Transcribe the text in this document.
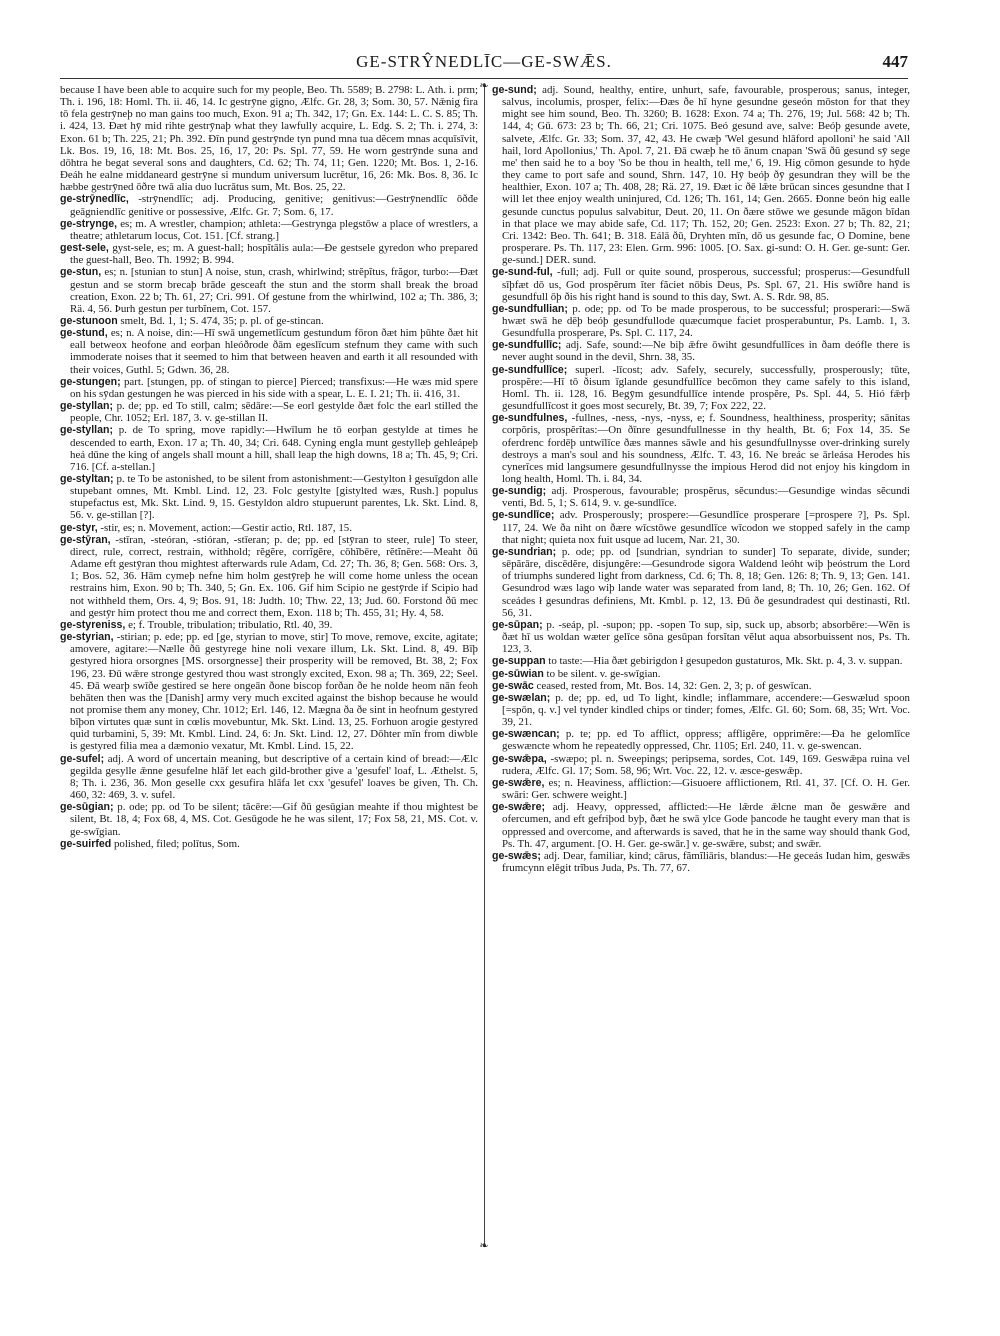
GE-STRŶNEDLĪC—GE-SWǢS.	447

because I have been able to acquire such for my people, Beo. Th. 5589; B. 2798: L. Ath. i. prm; Th. i. 196, 18: Homl. Th. ii. 46, 14. Ic gestrȳne gigno, Ælfc. Gr. 28, 3; Som. 30, 57. Nǣnig fira tō fela gestrȳneþ no man gains too much, Exon. 91 a; Th. 342, 17; Gn. Ex. 144: L. C. S. 85; Th. i. 424, 13. Ðæt hȳ mid rihte gestrȳnaþ what they lawfully acquire, L. Edg. S. 2; Th. i. 274, 3: Exon. 61 b; Th. 225, 21; Ph. 392. Ðīn pund gestrȳnde tyn pund mna tua dĕcem mnas acquīsīvit, Lk. Bos. 19, 16, 18: Mt. Bos. 25, 16, 17, 20: Ps. Spl. 77, 59. He worn gestrȳnde suna and dōhtra he begat several sons and daughters, Cd. 62; Th. 74, 11; Gen. 1220; Mt. Bos. 1, 2-16. Ðeáh he ealne middaneard gestrȳne si mundum universum lucrētur, 16, 26: Mk. Bos. 8, 36. Ic hæbbe gestrȳned ōðre twā alia duo lucrātus sum, Mt. Bos. 25, 22.

ge-strȳnedlīc, -strȳnendlīc; adj. Producing, genitive; genitivus:—Gestrȳnendlīc ōðđe geāgniendlīc genitive or possessive, Ælfc. Gr. 7; Som. 6, 17.

ge-strynge, es; m. A wrestler, champion; athleta:—Gestrynga plegstōw a place of wrestlers, a theatre; athletarum locus, Cot. 151. [Cf. strang.]

gest-sele, gyst-sele, es; m. A guest-hall; hospĭtālis aula:—Ðe gestsele gyredon who prepared the guest-hall, Beo. Th. 1992; B. 994.

ge-stun, es; n. [stunian to stun] A noise, stun, crash, whirlwind; strĕpĭtus, frăgor, turbo:—Ðæt gestun and se storm brecaþ brāde gesceaft the stun and the storm shall break the broad creation, Exon. 22 b; Th. 61, 27; Cri. 991. Of gestune from the whirlwind, 102 a; Th. 386, 3; Rä. 4, 56. Þurh gestun per turbĭnem, Cot. 157.

ge-stunoon smelt, Bd. 1, 1; S. 474, 35; p. pl. of ge-stincan.

ge-stund, es; n. A noise, din:—Hī swā ungemetlīcum gestundum fōron ðæt him þūhte ðæt hit eall betweox heofone and eorþan hleóðrode ðām egeslīcum stefnum they came with such immoderate noises that it seemed to him that between heaven and earth it all resounded with their voices, Guthl. 5; Gdwn. 36, 28.

ge-stungen; part. [stungen, pp. of stingan to pierce] Pierced; transfixus:—He wæs mid spere on his sȳdan gestungen he was pierced in his side with a spear, L. E. I. 21; Th. ii. 416, 31.

ge-styllan; p. de; pp. ed To still, calm; sēdāre:—Se eorl gestylde ðæt folc the earl stilled the people, Chr. 1052; Erl. 187, 3. v. ge-stillan II.

ge-styllan; p. de To spring, move rapidly:—Hwīlum he tō eorþan gestylde at times he descended to earth, Exon. 17 a; Th. 40, 34; Cri. 648. Cyning engla munt gestylleþ gehleápeþ heá dūne the king of angels shall mount a hill, shall leap the high downs, 18 a; Th. 45, 9; Cri. 716. [Cf. a-stellan.]

ge-styltan; p. te To be astonished, to be silent from astonishment:—Gestylton ł gesuīgdon alle stupebant omnes, Mt. Kmbl. Lind. 12, 23. Folc gestylte [gistylted wæs, Rush.] populus stupefactus est, Mk. Skt. Lind. 9, 15. Gestyldon aldro stupuerunt parentes, Lk. Skt. Lind. 8, 56. v. ge-stillan [?].

ge-styr, -stir, es; n. Movement, action:—Gestir actio, Rtl. 187, 15.

ge-stȳran, -stīran, -steóran, -stióran, -stīeran; p. de; pp. ed [stȳran to steer, rule] To steer, direct, rule, correct, restrain, withhold; rĕgĕre, corrĭgĕre, cōhĭbēre, rĕtĭnēre:—Meaht ðū Adame eft gestȳran thou mightest afterwards rule Adam, Cd. 27; Th. 36, 8; Gen. 568: Ors. 3, 1; Bos. 52, 36. Hām cymeþ nefne him holm gestȳreþ he will come home unless the ocean restrains him, Exon. 90 b; Th. 340, 5; Gn. Ex. 106. Gif him Scipio ne gestȳrde if Scipio had not withheld them, Ors. 4, 9; Bos. 91, 18: Judth. 10; Thw. 22, 13; Jud. 60. Forstond ðū mec and gestȳr him protect thou me and correct them, Exon. 118 b; Th. 455, 31; Hy. 4, 58.

ge-styreniss, e; f. Trouble, tribulation; tribulatio, Rtl. 40, 39.

ge-styrian, -stirian; p. ede; pp. ed [ge, styrian to move, stir] To move, remove, excite, agitate; amovere, agitare:—Nælle ðū gestyrege hine noli vexare illum, Lk. Skt. Lind. 8, 49. Bīþ gestyred hiora orsorgnes [MS. orsorgnesse] their prosperity will be removed, Bt. 38, 2; Fox 196, 23. Ðū wǣre stronge gestyred thou wast strongly excited, Exon. 98 a; Th. 369, 22; Seel. 45. Ðā wearþ swīðe gestired se here ongeān ðone biscop forðan ðe he nolde heom nān feoh behāten then was the [Danish] army very much excited against the bishop because he would not promise them any money, Chr. 1012; Erl. 146, 12. Mægna ða ðe sint in heofnum gestyred bīþon virtutes quæ sunt in cœlis movebuntur, Mk. Skt. Lind. 13, 25. Forhuon arogie gestyred quid turbamini, 5, 39: Mt. Kmbl. Lind. 24, 6: Jn. Skt. Lind. 12, 27. Dōhter mīn from diwble is gestyred filia mea a dæmonio vexatur, Mt. Kmbl. Lind. 15, 22.

ge-sufel; adj. A word of uncertain meaning, but descriptive of a certain kind of bread:—Ælc gegilda gesylle ǣnne gesufelne hlāf let each gild-brother give a 'gesufel' loaf, L. Æthelst. 5, 8; Th. i. 236, 36. Mon geselle cxx gesufira hlāfa let cxx 'gesufel' loaves be given, Th. Ch. 460, 32: 469, 3. v. sufel.

ge-sūgian; p. ode; pp. od To be silent; tăcēre:—Gif ðū gesūgian meahte if thou mightest be silent, Bt. 18, 4; Fox 68, 4, MS. Cot. Gesūgode he he was silent, 17; Fox 58, 21, MS. Cot. v. ge-swīgian.

ge-suirfed polished, filed; polītus, Som.

❧
❧

ge-sund; adj. Sound, healthy, entire, unhurt, safe, favourable, prosperous; sanus, integer, salvus, incolumis, prosper, felix:—Ðæs ðe hī hyne gesundne geseón mōston for that they might see him sound, Beo. Th. 3260; B. 1628: Exon. 74 a; Th. 276, 19; Jul. 568: 42 b; Th. 144, 4; Gū. 673: 23 b; Th. 66, 21; Cri. 1075. Beó gesund ave, salve: Beóþ gesunde avete, salvete, Ælfc. Gr. 33; Som. 37, 42, 43. He cwæþ 'Wel gesund hlāford apolloni' he said 'All hail, lord Apollonius,' Th. Apol. 7, 21. Ðā cwæþ he tō ānum cnapan 'Swā ðū gesund sȳ sege me' then said he to a boy 'So be thou in health, tell me,' 6, 19. Hig cōmon gesunde to hȳde they came to port safe and sound, Shrn. 147, 10. Hȳ beóþ ðȳ gesundran they will be the healthier, Exon. 107 a; Th. 408, 28; Rä. 27, 19. Ðæt ic ðē lǣte brūcan sinces gesundne that I will let thee enjoy wealth uninjured, Cd. 126; Th. 161, 14; Gen. 2665. Ðonne beón hig ealle gesunde cunctus populus salvabitur, Deut. 20, 11. On ðære stōwe we gesunde māgon bīdan in that place we may abide safe, Cd. 117; Th. 152, 20; Gen. 2523: Exon. 27 b; Th. 82, 21; Cri. 1342: Beo. Th. 641; B. 318. Eálā ðū, Dryhten mīn, dō us gesunde fac, O Domine, bene prosperare. Ps. Th. 117, 23: Elen. Grm. 996: 1005. [O. Sax. gi-sund: O. H. Ger. ge-sunt: Ger. ge-sund.] DER. sund.

ge-sund-ful, -full; adj. Full or quite sound, prosperous, successful; prosperus:—Gesundfull sīþfæt dō us, God prospĕrum ĭter făciet nōbis Deus, Ps. Spl. 67, 21. His swīðre hand is gesundfull ōþ ðis his right hand is sound to this day, Swt. A. S. Rdr. 98, 85.

ge-sundfullian; p. ode; pp. od To be made prosperous, to be successful; prosperari:—Swā hwæt swā he dēþ beóþ gesundfullode quæcumque faciet prosperabuntur, Ps. Lamb. 1, 3. Gesundfulla prosperare, Ps. Spl. C. 117, 24.

ge-sundfullīc; adj. Safe, sound:—Ne biþ ǣfre ōwiht gesundfullīces in ðam deófle there is never aught sound in the devil, Shrn. 38, 35.

ge-sundfullīce; superl. -līcost; adv. Safely, securely, successfully, prosperously; tūte, prospĕre:—Hī tō ðisum īglande gesundfullīce becōmon they came safely to this island, Homl. Th. ii. 128, 16. Begȳm gesundfullīce intende prospĕre, Ps. Spl. 44, 5. Hió fǣrþ gesundfullīcost it goes most securely, Bt. 39, 7; Fox 222, 22.

ge-sundfulnes, -fullnes, -ness, -nys, -nyss, e; f. Soundness, healthiness, prosperity; sānitas corpŏris, prospĕrĭtas:—On ðīnre gesundfullnesse in thy health, Bt. 6; Fox 14, 35. Se oferdrenc fordēþ untwīlīce ðæs mannes sāwle and his gesundfullnysse over-drinking surely destroys a man's soul and his soundness, Ælfc. T. 43, 16. Ne breác se ārleása Herodes his cynerīces mid langsumere gesundfullnysse the impious Herod did not enjoy his kingdom in long health, Homl. Th. i. 84, 34.

ge-sundig; adj. Prosperous, favourable; prospĕrus, sĕcundus:—Gesundige windas sĕcundi venti, Bd. 5, 1; S. 614, 9. v. ge-sundlīce.

ge-sundlīce; adv. Prosperously; prospere:—Gesundlīce prosperare [=prospere ?], Ps. Spl. 117, 24. We ða niht on ðære wīcstōwe gesundlīce wīcodon we stopped safely in the camp that night; quieta nox fuit usque ad lucem, Nar. 21, 30.

ge-sundrian; p. ode; pp. od [sundrian, syndrian to sunder] To separate, divide, sunder; sēpărāre, discēdĕre, disjungĕre:—Gesundrode sigora Waldend leóht wiþ þeóstrum the Lord of triumphs sundered light from darkness, Cd. 6; Th. 8, 18; Gen. 126: 8; Th. 9, 13; Gen. 141. Gesundrod wæs lago wiþ lande water was separated from land, 8; Th. 10, 26; Gen. 162. Of sceádes ł gesundras definiens, Mt. Kmbl. p. 12, 13. Ðū ðe gesundradest qui destinasti, Rtl. 56, 31.

ge-sūpan; p. -seáp, pl. -supon; pp. -sopen To sup, sip, suck up, absorb; absorbēre:—Wēn is ðæt hī us woldan wæter gelīce sōna gesūpan forsĭtan vĕlut aqua absorbuissent nos, Ps. Th. 123, 3.

ge-suppan to taste:—Hia ðæt gebirigdon ł gesupedon gustaturos, Mk. Skt. p. 4, 3. v. suppan.

ge-sūwian to be silent. v. ge-swīgian.

ge-swāc ceased, rested from, Mt. Bos. 14, 32: Gen. 2, 3; p. of geswīcan.

ge-swælan; p. de; pp. ed, ud To light, kindle; inflammare, accendere:—Geswælud spoon [=spōn, q. v.] vel tynder kindled chips or tinder; fomes, Ælfc. Gl. 60; Som. 68, 35; Wrt. Voc. 39, 21.

ge-swæncan; p. te; pp. ed To afflict, oppress; affligĕre, opprimĕre:—Ða he gelomlīce geswæncte whom he repeatedly oppressed, Chr. 1105; Erl. 240, 11. v. ge-swencan.

ge-swǣpa, -swæpo; pl. n. Sweepings; peripsema, sordes, Cot. 149, 169. Geswǣpa ruina vel rudera, Ælfc. Gl. 17; Som. 58, 96; Wrt. Voc. 22, 12. v. æsce-geswǣp.

ge-swǣre, es; n. Heaviness, affliction:—Gisuoere afflictionem, Rtl. 41, 37. [Cf. O. H. Ger. swāri: Ger. schwere weight.]

ge-swǣre; adj. Heavy, oppressed, afflicted:—He lǣrde ǣlcne man ðe geswǣre and ofercumen, and eft gefriþod byþ, ðæt he swā ylce Gode þancode he taught every man that is oppressed and overcome, and afterwards is saved, that he in the same way should thank God, Ps. Th. 47, argument. [O. H. Ger. ge-swār.] v. ge-swǣre, subst; and swǣr.

ge-swǣs; adj. Dear, familiar, kind; cārus, fămĭliāris, blandus:—He geceás Iudan him, geswǣs frumcynn elēgit trĭbus Juda, Ps. Th. 77, 67.
